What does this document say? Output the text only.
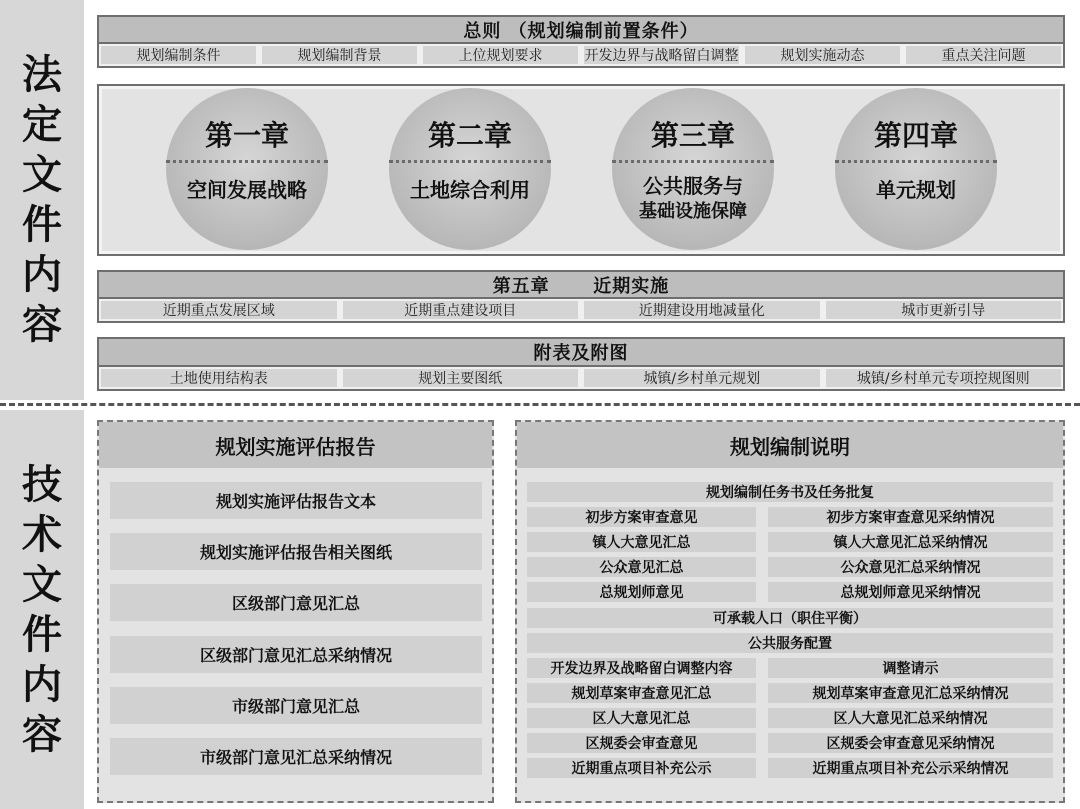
法
定
文
件
内
容
总则 （规划编制前置条件）
规划编制条件	规划编制背景	上位规划要求	开发边界与战略留白调整	规划实施动态	重点关注问题
第一章
空间发展战略
第二章
土地综合利用
第三章
公共服务与
基础设施保障
第四章
单元规划
第五章      近期实施
近期重点发展区域	近期重点建设项目	近期建设用地减量化	城市更新引导
附表及附图
土地使用结构表	规划主要图纸	城镇/乡村单元规划	城镇/乡村单元专项控规图则
技
术
文
件
内
容
规划实施评估报告
规划实施评估报告文本
规划实施评估报告相关图纸
区级部门意见汇总
区级部门意见汇总采纳情况
市级部门意见汇总
市级部门意见汇总采纳情况
规划编制说明
规划编制任务书及任务批复
初步方案审查意见	初步方案审查意见采纳情况
镇人大意见汇总	镇人大意见汇总采纳情况
公众意见汇总	公众意见汇总采纳情况
总规划师意见	总规划师意见采纳情况
可承载人口（职住平衡）
公共服务配置
开发边界及战略留白调整内容	调整请示
规划草案审查意见汇总	规划草案审查意见汇总采纳情况
区人大意见汇总	区人大意见汇总采纳情况
区规委会审查意见	区规委会审查意见采纳情况
近期重点项目补充公示	近期重点项目补充公示采纳情况
